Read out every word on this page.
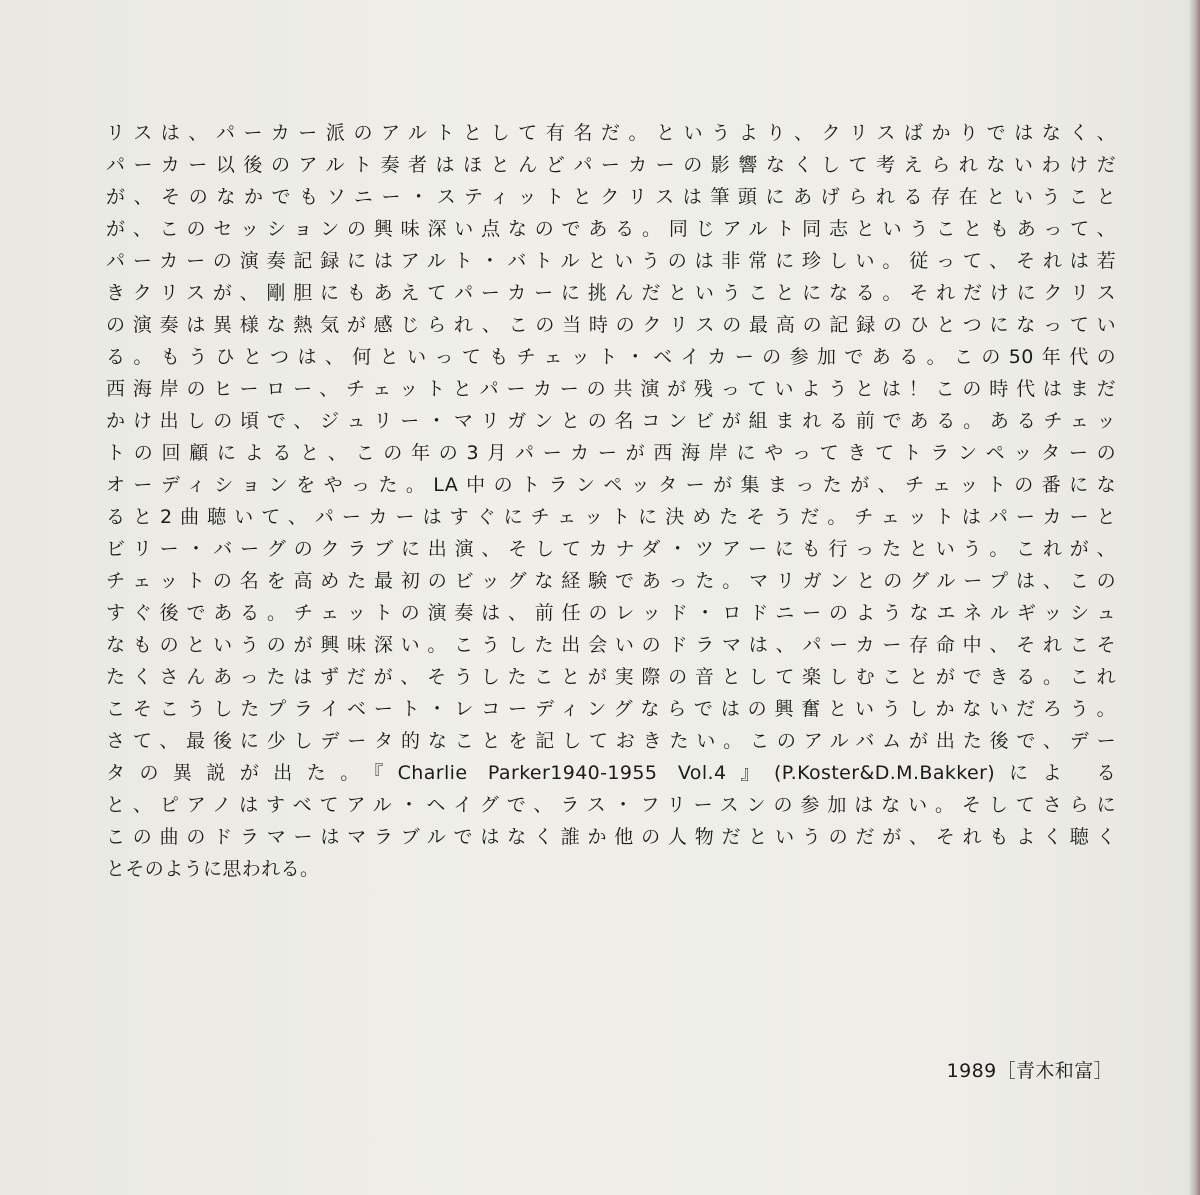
リスは、パーカー派のアルトとして有名だ。というより、クリスばかりではなく、
パーカー以後のアルト奏者はほとんどパーカーの影響なくして考えられないわけだ
が、そのなかでもソニー・スティットとクリスは筆頭にあげられる存在ということ
が、このセッションの興味深い点なのである。同じアルト同志ということもあって、
パーカーの演奏記録にはアルト・バトルというのは非常に珍しい。従って、それは若
きクリスが、剛胆にもあえてパーカーに挑んだということになる。それだけにクリス
の演奏は異様な熱気が感じられ、この当時のクリスの最高の記録のひとつになってい
る。もうひとつは、何といってもチェット・ベイカーの参加である。この50年代の
西海岸のヒーロー、チェットとパーカーの共演が残っていようとは！この時代はまだ
かけ出しの頃で、ジュリー・マリガンとの名コンビが組まれる前である。あるチェッ
トの回顧によると、この年の3月パーカーが西海岸にやってきてトランペッターの
オーディションをやった。LA中のトランペッターが集まったが、チェットの番にな
ると2曲聴いて、パーカーはすぐにチェットに決めたそうだ。チェットはパーカーと
ビリー・バーグのクラブに出演、そしてカナダ・ツアーにも行ったという。これが、
チェットの名を高めた最初のビッグな経験であった。マリガンとのグループは、この
すぐ後である。チェットの演奏は、前任のレッド・ロドニーのようなエネルギッシュ
なものというのが興味深い。こうした出会いのドラマは、パーカー存命中、それこそ
たくさんあったはずだが、そうしたことが実際の音として楽しむことができる。これ
こそこうしたプライベート・レコーディングならではの興奮というしかないだろう。
さて、最後に少しデータ的なことを記しておきたい。このアルバムが出た後で、デー
タの異説が出た。『Charlie Parker1940-1955 Vol.4』(P.Koster&D.M.Bakker)によ る
と、ピアノはすべてアル・ヘイグで、ラス・フリースンの参加はない。そしてさらに
この曲のドラマーはマラブルではなく誰か他の人物だというのだが、それもよく聴く
とそのように思われる。
1989［青木和富］
